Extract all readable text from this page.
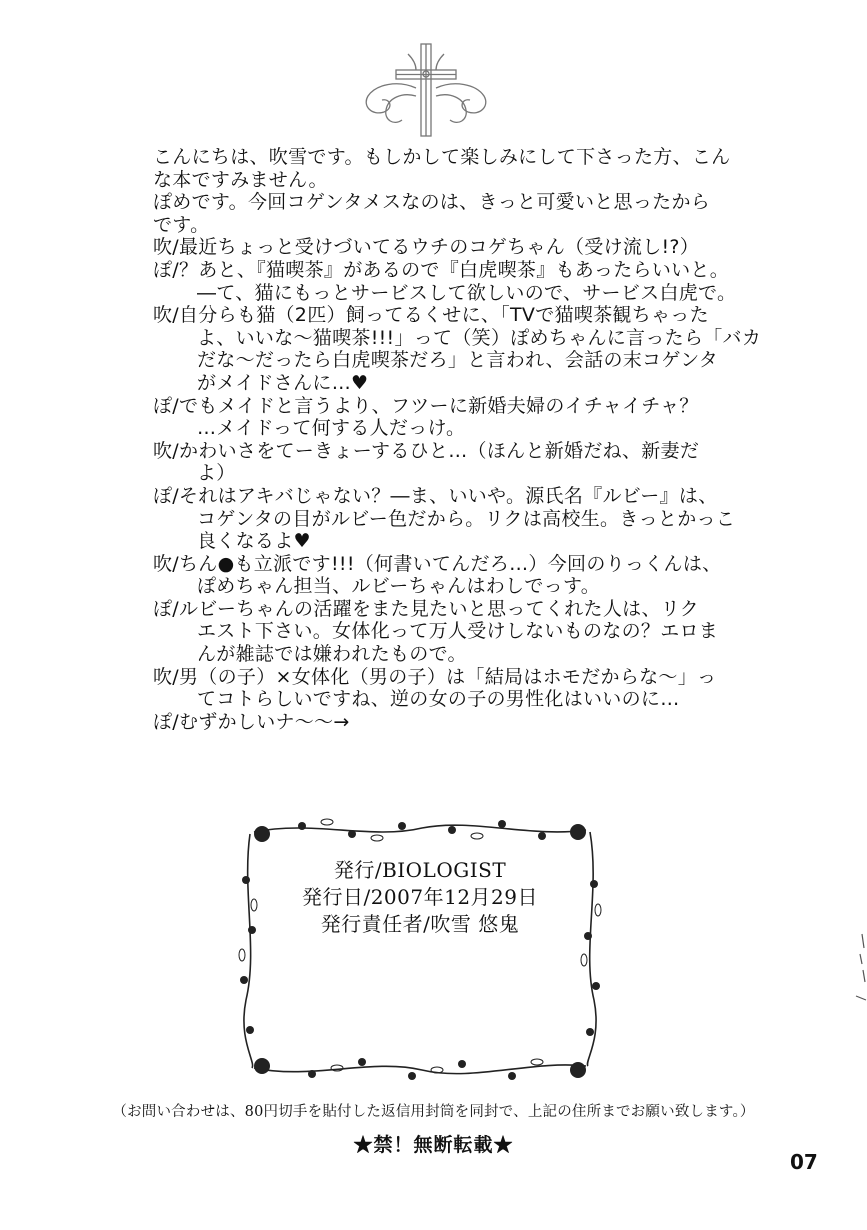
こんにちは、吹雪です。もしかして楽しみにして下さった方、こん
な本ですみません。
ぽめです。今回コゲンタメスなのは、きっと可愛いと思ったから
です。
吹/最近ちょっと受けづいてるウチのコゲちゃん（受け流し!?）
ぽ/？あと、『猫喫茶』があるので『白虎喫茶』もあったらいいと。
―て、猫にもっとサービスして欲しいので、サービス白虎で。
吹/自分らも猫（2匹）飼ってるくせに、「TVで猫喫茶観ちゃった
よ、いいな～猫喫茶!!!」って（笑）ぽめちゃんに言ったら「バカ
だな～だったら白虎喫茶だろ」と言われ、会話の末コゲンタ
がメイドさんに…♥
ぽ/でもメイドと言うより、フツーに新婚夫婦のイチャイチャ？
…メイドって何する人だっけ。
吹/かわいさをてーきょーするひと…（ほんと新婚だね、新妻だ
よ）
ぽ/それはアキバじゃない？―ま、いいや。源氏名『ルビー』は、
コゲンタの目がルビー色だから。リクは高校生。きっとかっこ
良くなるよ♥
吹/ちん●も立派です!!!（何書いてんだろ…）今回のりっくんは、
ぽめちゃん担当、ルビーちゃんはわしでっす。
ぽ/ルビーちゃんの活躍をまた見たいと思ってくれた人は、リク
エスト下さい。女体化って万人受けしないものなの？エロま
んが雑誌では嫌われたもので。
吹/男（の子）×女体化（男の子）は「結局はホモだからな～」っ
てコトらしいですね、逆の女の子の男性化はいいのに…
ぽ/むずかしいナ～～→
発行/BIOLOGIST
発行日/2007年12月29日
発行責任者/吹雪 悠鬼
（お問い合わせは、80円切手を貼付した返信用封筒を同封で、上記の住所までお願い致します。）
★禁！無断転載★
07
